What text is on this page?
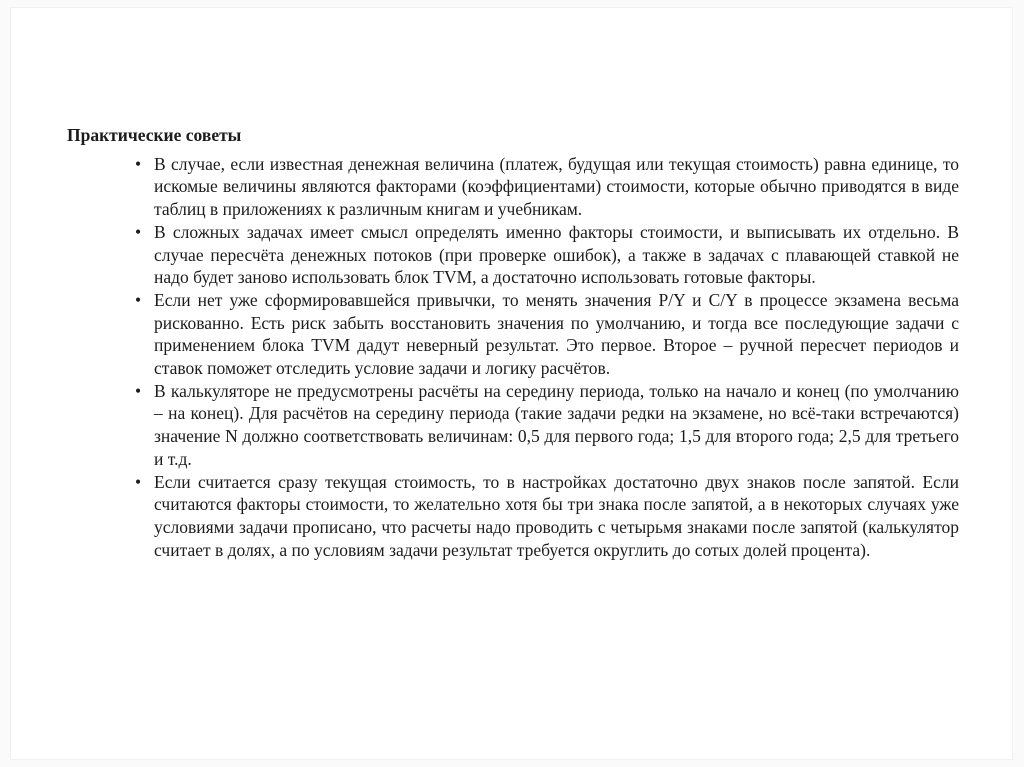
Практические советы
• В случае, если известная денежная величина (платеж, будущая или текущая стоимость) равна единице, то искомые величины являются факторами (коэффициентами) стоимости, которые обычно приводятся в виде таблиц в приложениях к различным книгам и учебникам.
• В сложных задачах имеет смысл определять именно факторы стоимости, и выписывать их отдельно. В случае пересчёта денежных потоков (при проверке ошибок), а также в задачах с плавающей ставкой не надо будет заново использовать блок TVM, а достаточно использовать готовые факторы.
• Если нет уже сформировавшейся привычки, то менять значения P/Y и C/Y в процессе экзамена весьма рискованно. Есть риск забыть восстановить значения по умолчанию, и тогда все последующие задачи с применением блока TVM дадут неверный результат. Это первое. Второе – ручной пересчет периодов и ставок поможет отследить условие задачи и логику расчётов.
• В калькуляторе не предусмотрены расчёты на середину периода, только на начало и конец (по умолчанию – на конец). Для расчётов на середину периода (такие задачи редки на экзамене, но всё-таки встречаются) значение N должно соответствовать величинам: 0,5 для первого года; 1,5 для второго года; 2,5 для третьего и т.д.
• Если считается сразу текущая стоимость, то в настройках достаточно двух знаков после запятой. Если считаются факторы стоимости, то желательно хотя бы три знака после запятой, а в некоторых случаях уже условиями задачи прописано, что расчеты надо проводить с четырьмя знаками после запятой (калькулятор считает в долях, а по условиям задачи результат требуется округлить до сотых долей процента).
